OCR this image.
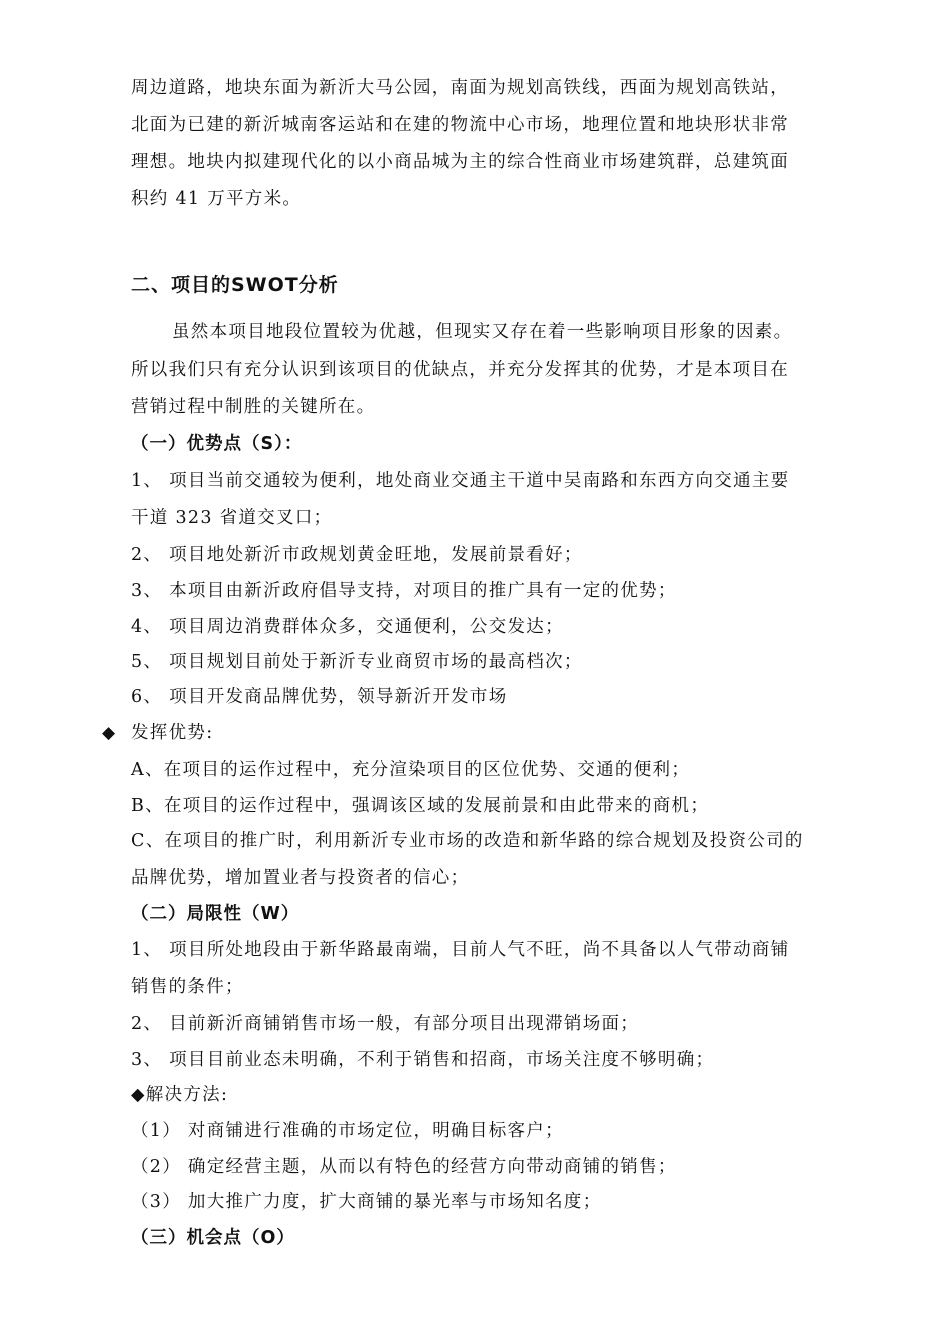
周边道路，地块东面为新沂大马公园，南面为规划高铁线，西面为规划高铁站，
北面为已建的新沂城南客运站和在建的物流中心市场，地理位置和地块形状非常
理想。地块内拟建现代化的以小商品城为主的综合性商业市场建筑群，总建筑面
积约 41 万平方米。
二、项目的SWOT分析
虽然本项目地段位置较为优越，但现实又存在着一些影响项目形象的因素。
所以我们只有充分认识到该项目的优缺点，并充分发挥其的优势，才是本项目在
营销过程中制胜的关键所在。
（一）优势点（S）：
1、 项目当前交通较为便利，地处商业交通主干道中吴南路和东西方向交通主要
干道 323 省道交叉口；
2、 项目地处新沂市政规划黄金旺地，发展前景看好；
3、 本项目由新沂政府倡导支持，对项目的推广具有一定的优势；
4、 项目周边消费群体众多，交通便利，公交发达；
5、 项目规划目前处于新沂专业商贸市场的最高档次；
6、 项目开发商品牌优势，领导新沂开发市场
◆ 发挥优势:
A、在项目的运作过程中，充分渲染项目的区位优势、交通的便利；
B、在项目的运作过程中，强调该区域的发展前景和由此带来的商机；
C、在项目的推广时，利用新沂专业市场的改造和新华路的综合规划及投资公司的
品牌优势，增加置业者与投资者的信心；
（二）局限性（W）
1、 项目所处地段由于新华路最南端，目前人气不旺，尚不具备以人气带动商铺
销售的条件；
2、 目前新沂商铺销售市场一般，有部分项目出现滞销场面；
3、 项目目前业态未明确，不利于销售和招商，市场关注度不够明确；
◆解决方法:
（1） 对商铺进行准确的市场定位，明确目标客户；
（2） 确定经营主题，从而以有特色的经营方向带动商铺的销售；
（3） 加大推广力度，扩大商铺的暴光率与市场知名度；
（三）机会点（O）
